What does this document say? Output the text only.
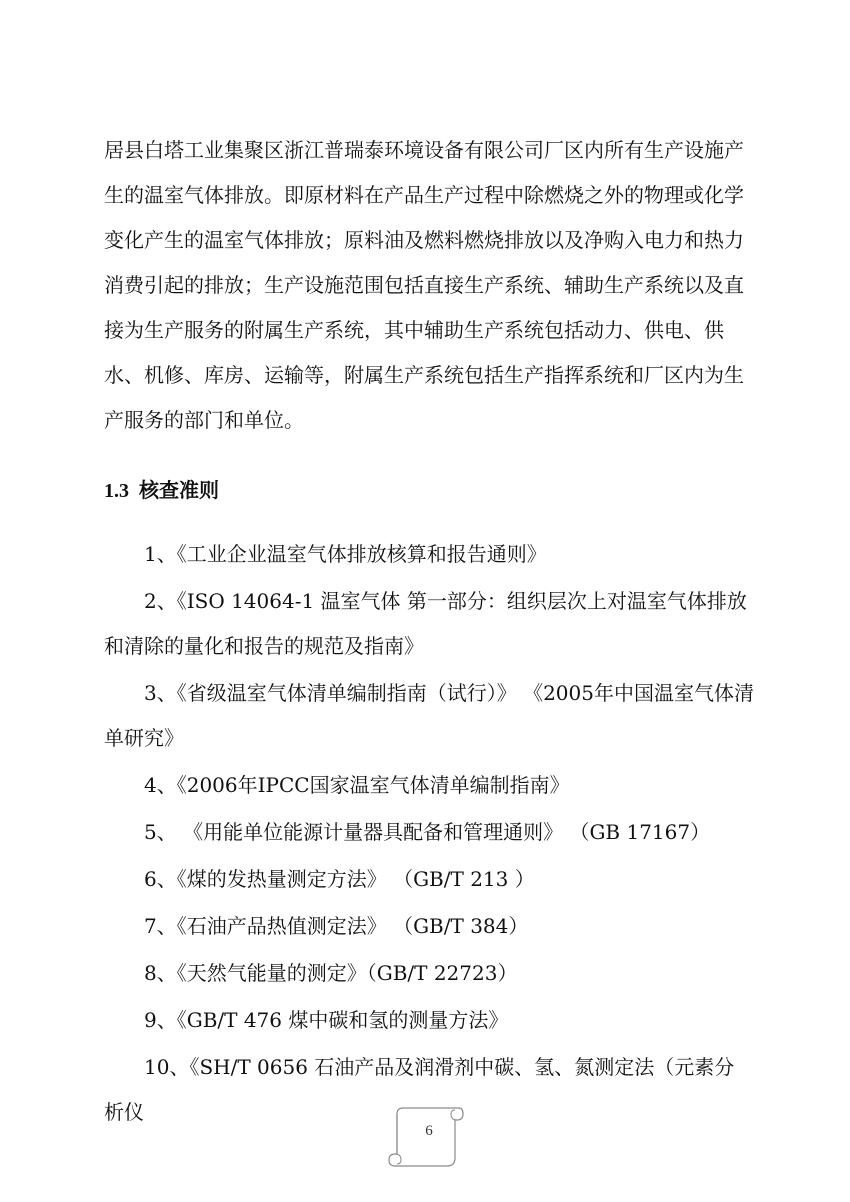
居县白塔工业集聚区浙江普瑞泰环境设备有限公司厂区内所有生产设施产生的温室气体排放。即原材料在产品生产过程中除燃烧之外的物理或化学变化产生的温室气体排放；原料油及燃料燃烧排放以及净购入电力和热力消费引起的排放；生产设施范围包括直接生产系统、辅助生产系统以及直接为生产服务的附属生产系统，其中辅助生产系统包括动力、供电、供水、机修、库房、运输等，附属生产系统包括生产指挥系统和厂区内为生产服务的部门和单位。

1.3 核查准则
1、《工业企业温室气体排放核算和报告通则》
2、《ISO 14064-1 温室气体 第一部分：组织层次上对温室气体排放和清除的量化和报告的规范及指南》
3、《省级温室气体清单编制指南（试行）》 《2005年中国温室气体清单研究》
4、《2006年IPCC国家温室气体清单编制指南》
5、 《用能单位能源计量器具配备和管理通则》 （GB 17167）
6、《煤的发热量测定方法》 （GB/T 213 ）
7、《石油产品热值测定法》 （GB/T 384）
8、《天然气能量的测定》（GB/T 22723）
9、《GB/T 476 煤中碳和氢的测量方法》
10、《SH/T 0656 石油产品及润滑剂中碳、氢、氮测定法（元素分析仪
6
